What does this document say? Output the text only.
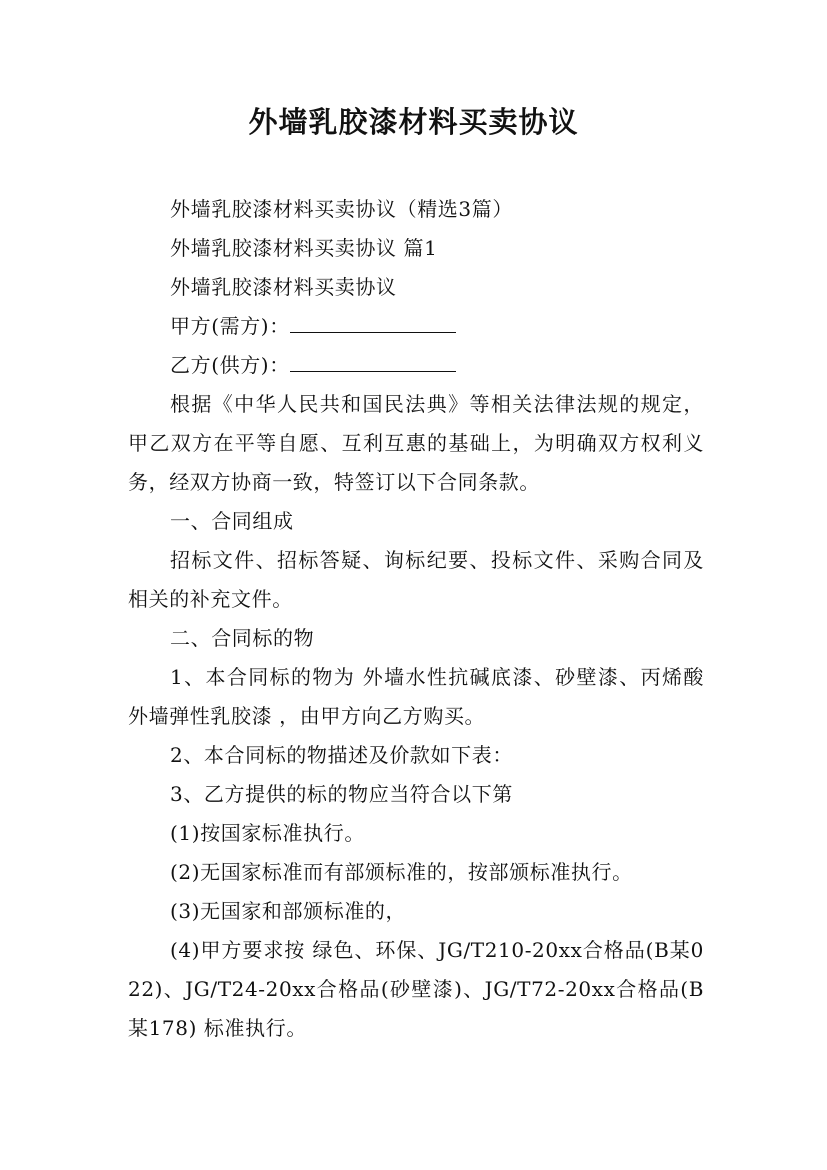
外墙乳胶漆材料买卖协议

外墙乳胶漆材料买卖协议（精选3篇）

外墙乳胶漆材料买卖协议 篇1

外墙乳胶漆材料买卖协议

甲方(需方)：

乙方(供方)：

根据《中华人民共和国民法典》等相关法律法规的规定，甲乙双方在平等自愿、互利互惠的基础上，为明确双方权利义务，经双方协商一致，特签订以下合同条款。

一、合同组成

招标文件、招标答疑、询标纪要、投标文件、采购合同及相关的补充文件。

二、合同标的物

1、本合同标的物为 外墙水性抗碱底漆、砂壁漆、丙烯酸外墙弹性乳胶漆 ，由甲方向乙方购买。

2、本合同标的物描述及价款如下表：

3、乙方提供的标的物应当符合以下第

(1)按国家标准执行。

(2)无国家标准而有部颁标准的，按部颁标准执行。

(3)无国家和部颁标准的，

(4)甲方要求按 绿色、环保、JG/T210-20xx合格品(B某022)、JG/T24-20xx合格品(砂壁漆)、JG/T72-20xx合格品(B某178) 标准执行。
